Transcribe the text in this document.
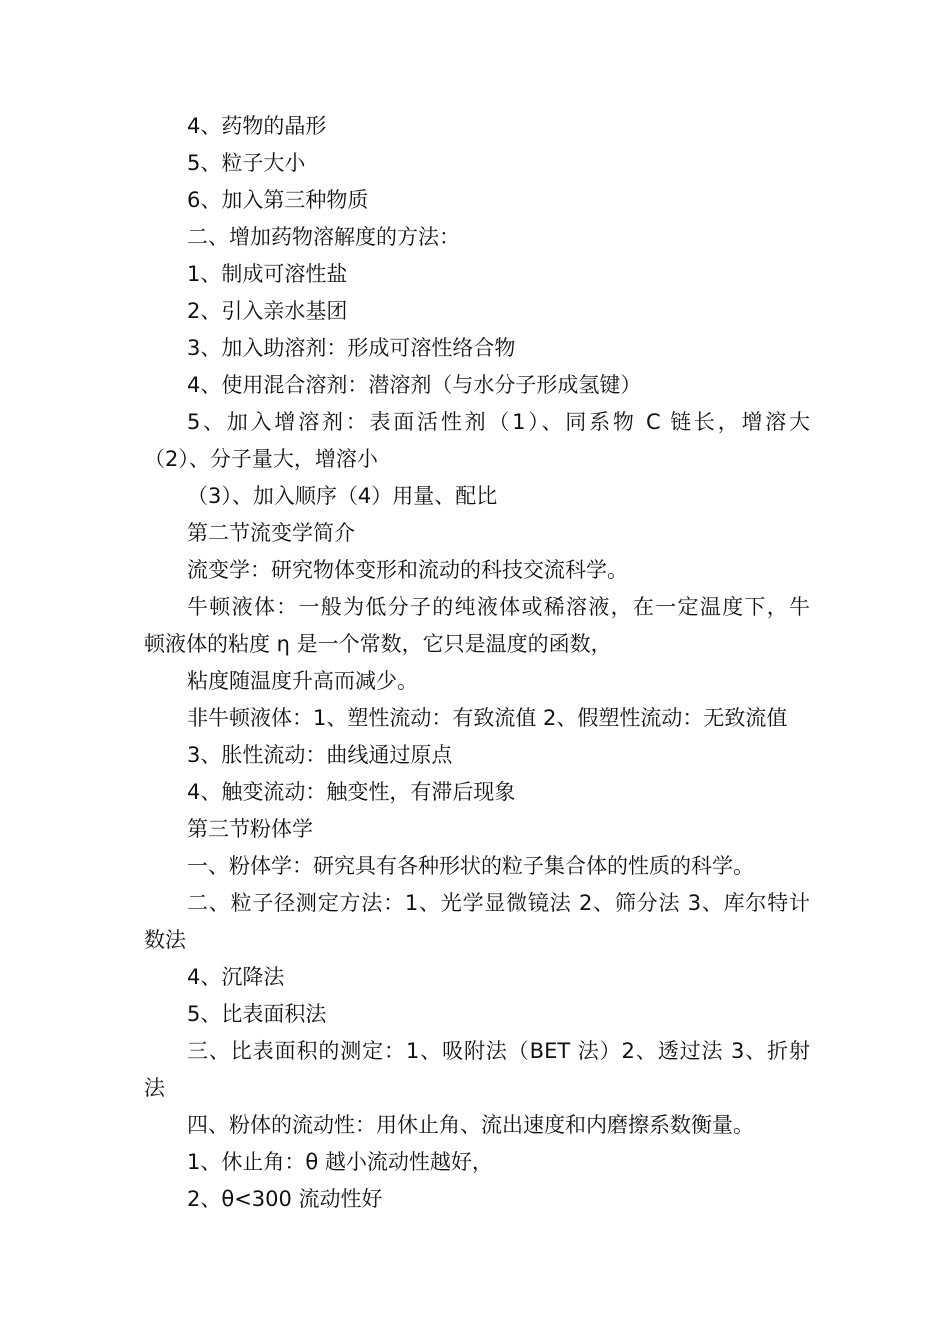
4、药物的晶形
5、粒子大小
6、加入第三种物质
二、增加药物溶解度的方法：
1、制成可溶性盐
2、引入亲水基团
3、加入助溶剂：形成可溶性络合物
4、使用混合溶剂：潜溶剂（与水分子形成氢键）
5、加入增溶剂：表面活性剂（1）、同系物 C 链长，增溶大
（2）、分子量大，增溶小
（3）、加入顺序（4）用量、配比
第二节流变学简介
流变学：研究物体变形和流动的科技交流科学。
牛顿液体：一般为低分子的纯液体或稀溶液，在一定温度下，牛
顿液体的粘度 η 是一个常数，它只是温度的函数，
粘度随温度升高而减少。
非牛顿液体：1、塑性流动：有致流值 2、假塑性流动：无致流值
3、胀性流动：曲线通过原点
4、触变流动：触变性，有滞后现象
第三节粉体学
一、粉体学：研究具有各种形状的粒子集合体的性质的科学。
二、粒子径测定方法：1、光学显微镜法 2、筛分法 3、库尔特计
数法
4、沉降法
5、比表面积法
三、比表面积的测定：1、吸附法（BET 法）2、透过法 3、折射
法
四、粉体的流动性：用休止角、流出速度和内磨擦系数衡量。
1、休止角：θ 越小流动性越好，
2、θ<300 流动性好
